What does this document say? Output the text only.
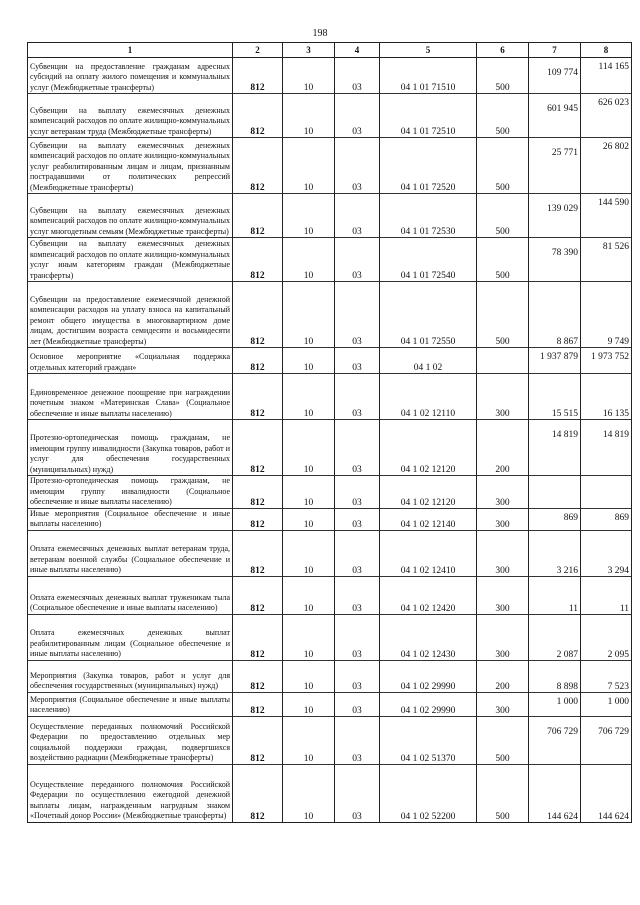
198
1	2	3	4	5	6	7	8
Субвенции на предоставление гражданам адресных субсидий на оплату жилого помещения и коммунальных услуг (Межбюджетные трансферты)	812	10	03	04 1 01 71510	500	109 774	114 165
Субвенции на выплату ежемесячных денежных компенсаций расходов по оплате жилищно-коммунальных услуг ветеранам труда (Межбюджетные трансферты)	812	10	03	04 1 01 72510	500	601 945	626 023
Субвенции на выплату ежемесячных денежных компенсаций расходов по оплате жилищно-коммунальных услуг реабилитированным лицам и лицам, признанным пострадавшими от политических репрессий (Межбюджетные трансферты)	812	10	03	04 1 01 72520	500	25 771	26 802
Субвенции на выплату ежемесячных денежных компенсаций расходов по оплате жилищно-коммунальных услуг многодетным семьям (Межбюджетные трансферты)	812	10	03	04 1 01 72530	500	139 029	144 590
Субвенции на выплату ежемесячных денежных компенсаций расходов по оплате жилищно-коммунальных услуг иным категориям граждан (Межбюджетные трансферты)	812	10	03	04 1 01 72540	500	78 390	81 526
Субвенции на предоставление ежемесячной денежной компенсации расходов на уплату взноса на капитальный ремонт общего имущества в многоквартирном доме лицам, достигшим возраста семидесяти и восьмидесяти лет (Межбюджетные трансферты)	812	10	03	04 1 01 72550	500	8 867	9 749
Основное мероприятие «Социальная поддержка отдельных категорий граждан»	812	10	03	04 1 02		1 937 879	1 973 752
Единовременное денежное поощрение при награждении почетным знаком «Материнская Слава» (Социальное обеспечение и иные выплаты населению)	812	10	03	04 1 02 12110	300	15 515	16 135
Протезно-ортопедическая помощь гражданам, не имеющим группу инвалидности (Закупка товаров, работ и услуг для обеспечения государственных (муниципальных) нужд)	812	10	03	04 1 02 12120	200	14 819	14 819
Протезно-ортопедическая помощь гражданам, не имеющим группу инвалидности (Социальное обеспечение и иные выплаты населению)	812	10	03	04 1 02 12120	300		
Иные мероприятия (Социальное обеспечение и иные выплаты населению)	812	10	03	04 1 02 12140	300	869	869
Оплата ежемесячных денежных выплат ветеранам труда, ветеранам военной службы (Социальное обеспечение и иные выплаты населению)	812	10	03	04 1 02 12410	300	3 216	3 294
Оплата ежемесячных денежных выплат труженикам тыла (Социальное обеспечение и иные выплаты населению)	812	10	03	04 1 02 12420	300	11	11
Оплата ежемесячных денежных выплат реабилитированным лицам (Социальное обеспечение и иные выплаты населению)	812	10	03	04 1 02 12430	300	2 087	2 095
Мероприятия (Закупка товаров, работ и услуг для обеспечения государственных (муниципальных) нужд)	812	10	03	04 1 02 29990	200	8 898	7 523
Мероприятия (Социальное обеспечение и иные выплаты населению)	812	10	03	04 1 02 29990	300	1 000	1 000
Осуществление переданных полномочий Российской Федерации по предоставлению отдельных мер социальной поддержки граждан, подвергшихся воздействию радиации (Межбюджетные трансферты)	812	10	03	04 1 02 51370	500	706 729	706 729
Осуществление переданного полномочия Российской Федерации по осуществлению ежегодной денежной выплаты лицам, награжденным нагрудным знаком «Почетный донор России» (Межбюджетные трансферты)	812	10	03	04 1 02 52200	500	144 624	144 624
